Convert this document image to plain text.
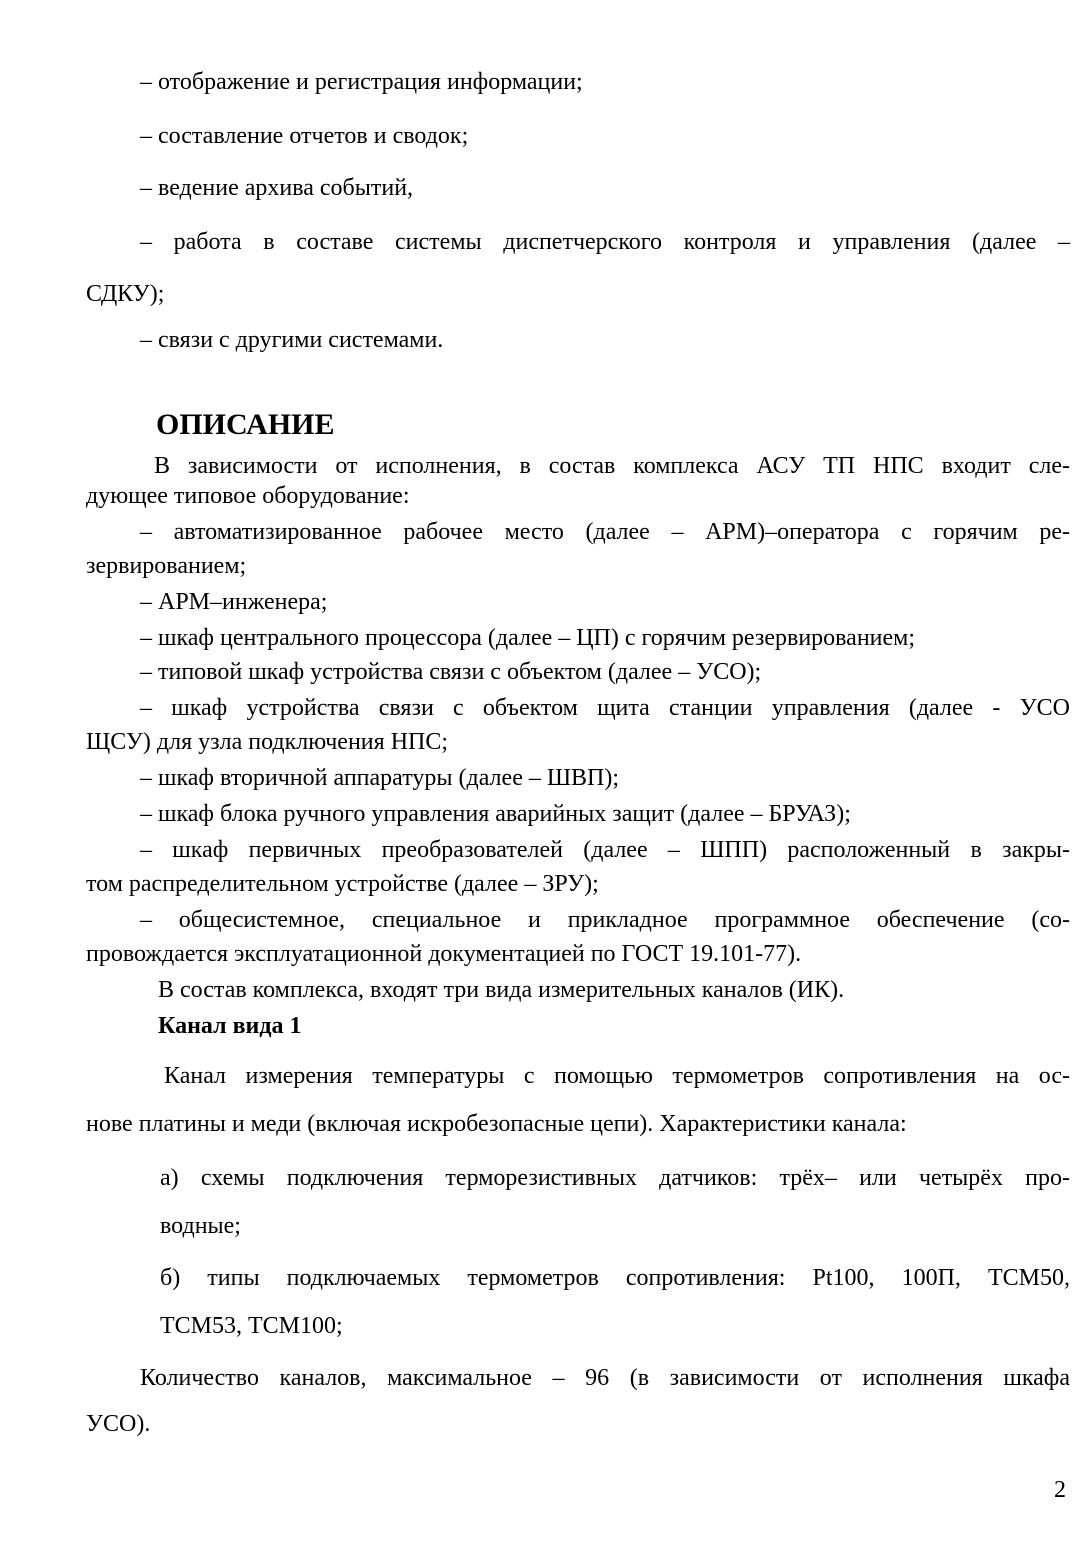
– отображение и регистрация информации;
– составление отчетов и сводок;
– ведение архива событий,
– работа в составе системы диспетчерского контроля и управления (далее –
СДКУ);
– связи с другими системами.
ОПИСАНИЕ
В зависимости от исполнения, в состав комплекса АСУ ТП НПС входит сле-
дующее типовое оборудование:
– автоматизированное рабочее место (далее – АРМ)–оператора с горячим ре-
зервированием;
– АРМ–инженера;
– шкаф центрального процессора (далее – ЦП) с горячим резервированием;
– типовой шкаф устройства связи с объектом (далее – УСО);
– шкаф устройства связи с объектом щита станции управления (далее - УСО
ЩСУ) для узла подключения НПС;
– шкаф вторичной аппаратуры (далее – ШВП);
– шкаф блока ручного управления аварийных защит (далее – БРУАЗ);
– шкаф первичных преобразователей (далее – ШПП) расположенный в закры-
том распределительном устройстве (далее – ЗРУ);
– общесистемное, специальное и прикладное программное обеспечение (со-
провождается эксплуатационной документацией по ГОСТ 19.101-77).
В состав комплекса, входят три вида измерительных каналов (ИК).
Канал вида 1
Канал измерения температуры с помощью термометров сопротивления на ос-
нове платины и меди (включая искробезопасные цепи). Характеристики канала:
а) схемы подключения терморезистивных датчиков: трёх– или четырёх про-
водные;
б) типы подключаемых термометров сопротивления: Pt100, 100П, ТСМ50,
ТСМ53, ТСМ100;
Количество каналов, максимальное – 96 (в зависимости от исполнения шкафа
УСО).
2
